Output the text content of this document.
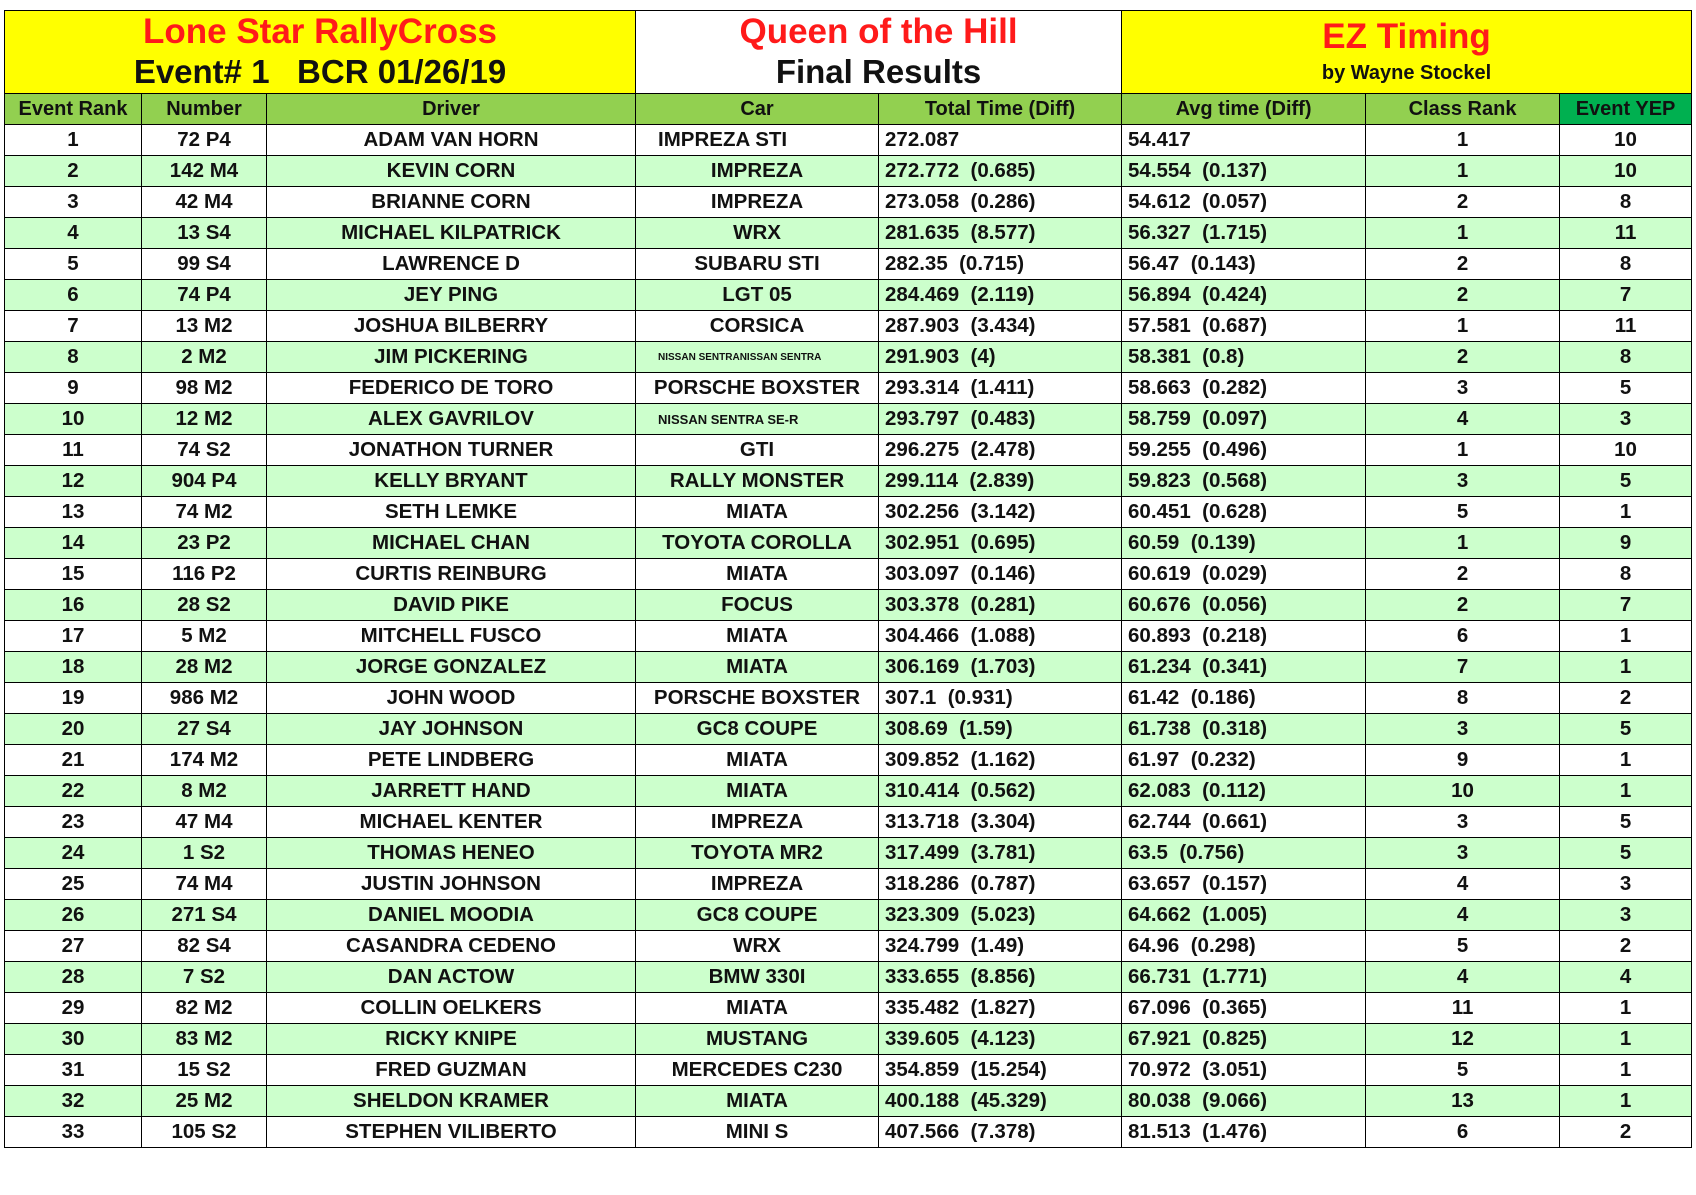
Lone Star RallyCross
Event# 1   BCR 01/26/19			Queen of the Hill
Final Results		EZ Timing
by Wayne Stockel		

Event Rank	Number	Driver	Car	Total Time (Diff)	Avg time (Diff)	Class Rank	Event YEP
1	72 P4	ADAM VAN HORN	IMPREZA STI	272.087	54.417	1	10
2	142 M4	KEVIN CORN	IMPREZA	272.772  (0.685)	54.554  (0.137)	1	10
3	42 M4	BRIANNE CORN	IMPREZA	273.058  (0.286)	54.612  (0.057)	2	8
4	13 S4	MICHAEL KILPATRICK	WRX	281.635  (8.577)	56.327  (1.715)	1	11
5	99 S4	LAWRENCE D	SUBARU STI	282.35  (0.715)	56.47  (0.143)	2	8
6	74 P4	JEY PING	LGT 05	284.469  (2.119)	56.894  (0.424)	2	7
7	13 M2	JOSHUA BILBERRY	CORSICA	287.903  (3.434)	57.581  (0.687)	1	11
8	2 M2	JIM PICKERING	NISSAN SENTRANISSAN SENTRA	291.903  (4)	58.381  (0.8)	2	8
9	98 M2	FEDERICO DE TORO	PORSCHE BOXSTER	293.314  (1.411)	58.663  (0.282)	3	5
10	12 M2	ALEX GAVRILOV	NISSAN SENTRA SE-R	293.797  (0.483)	58.759  (0.097)	4	3
11	74 S2	JONATHON TURNER	GTI	296.275  (2.478)	59.255  (0.496)	1	10
12	904 P4	KELLY BRYANT	RALLY MONSTER	299.114  (2.839)	59.823  (0.568)	3	5
13	74 M2	SETH LEMKE	MIATA	302.256  (3.142)	60.451  (0.628)	5	1
14	23 P2	MICHAEL CHAN	TOYOTA COROLLA	302.951  (0.695)	60.59  (0.139)	1	9
15	116 P2	CURTIS REINBURG	MIATA	303.097  (0.146)	60.619  (0.029)	2	8
16	28 S2	DAVID PIKE	FOCUS	303.378  (0.281)	60.676  (0.056)	2	7
17	5 M2	MITCHELL FUSCO	MIATA	304.466  (1.088)	60.893  (0.218)	6	1
18	28 M2	JORGE GONZALEZ	MIATA	306.169  (1.703)	61.234  (0.341)	7	1
19	986 M2	JOHN WOOD	PORSCHE BOXSTER	307.1  (0.931)	61.42  (0.186)	8	2
20	27 S4	JAY JOHNSON	GC8 COUPE	308.69  (1.59)	61.738  (0.318)	3	5
21	174 M2	PETE LINDBERG	MIATA	309.852  (1.162)	61.97  (0.232)	9	1
22	8 M2	JARRETT HAND	MIATA	310.414  (0.562)	62.083  (0.112)	10	1
23	47 M4	MICHAEL KENTER	IMPREZA	313.718  (3.304)	62.744  (0.661)	3	5
24	1 S2	THOMAS HENEO	TOYOTA MR2	317.499  (3.781)	63.5  (0.756)	3	5
25	74 M4	JUSTIN JOHNSON	IMPREZA	318.286  (0.787)	63.657  (0.157)	4	3
26	271 S4	DANIEL MOODIA	GC8 COUPE	323.309  (5.023)	64.662  (1.005)	4	3
27	82 S4	CASANDRA CEDENO	WRX	324.799  (1.49)	64.96  (0.298)	5	2
28	7 S2	DAN ACTOW	BMW 330I	333.655  (8.856)	66.731  (1.771)	4	4
29	82 M2	COLLIN OELKERS	MIATA	335.482  (1.827)	67.096  (0.365)	11	1
30	83 M2	RICKY KNIPE	MUSTANG	339.605  (4.123)	67.921  (0.825)	12	1
31	15 S2	FRED GUZMAN	MERCEDES C230	354.859  (15.254)	70.972  (3.051)	5	1
32	25 M2	SHELDON KRAMER	MIATA	400.188  (45.329)	80.038  (9.066)	13	1
33	105 S2	STEPHEN VILIBERTO	MINI S	407.566  (7.378)	81.513  (1.476)	6	2
